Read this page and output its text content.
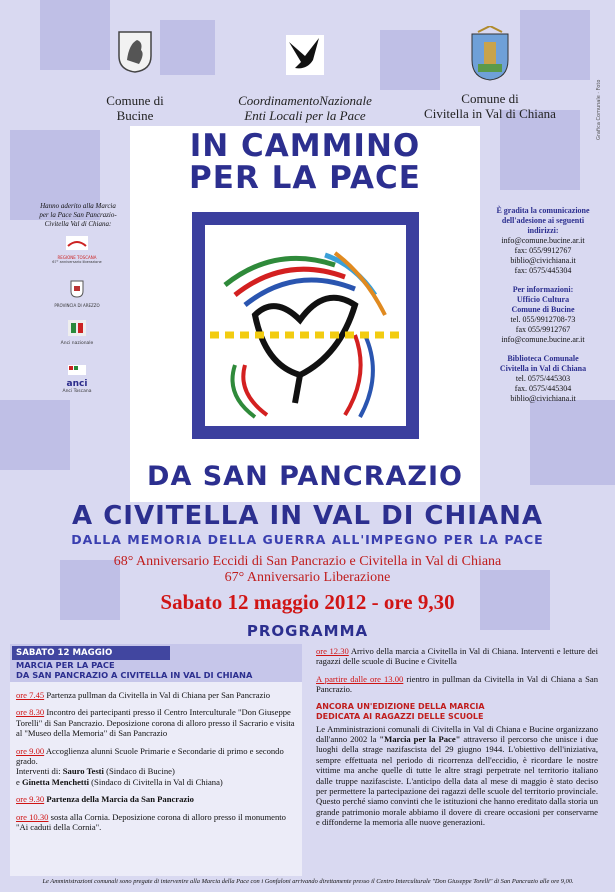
Comune di
Bucine
CoordinamentoNazionale
Enti Locali per la Pace
Comune di
Civitella in Val di Chiana	Grafica Comunale · Foto
IN CAMMINO
PER LA PACE
DA SAN PANCRAZIO
A CIVITELLA IN VAL DI CHIANA
DALLA MEMORIA DELLA GUERRA ALL'IMPEGNO PER LA PACE
68° Anniversario Eccidi di San Pancrazio e Civitella in Val di Chiana
67° Anniversario Liberazione
Sabato 12 maggio 2012 - ore 9,30
PROGRAMMA
Hanno aderito alla Marcia per la Pace San Pancrazio-Civitella Val di Chiana:
REGIONE TOSCANA
67° anniversario liberazione
PROVINCIA DI AREZZO
Anci nazionale
anci
Anci Toscana
È gradita la comunicazione
dell'adesione ai seguenti indirizzi:
info@comune.bucine.ar.it
fax: 055/9912767
biblio@civichiana.it
fax: 0575/445304
Per informazioni:
Ufficio Cultura
Comune di Bucine
tel. 055/9912708-73
fax 055/9912767
info@comune.bucine.ar.it
Biblioteca Comunale
Civitella in Val di Chiana
tel. 0575/445303
fax. 0575/445304
biblio@civichiana.it
SABATO 12 MAGGIO
MARCIA PER LA PACE
DA SAN PANCRAZIO A CIVITELLA IN VAL DI CHIANA

ore 7.45 Partenza pullman da Civitella in Val di Chiana per San Pancrazio

ore 8.30 Incontro dei partecipanti presso il Centro Interculturale "Don Giuseppe Torelli" di San Pancrazio. Deposizione corona di alloro presso il Sacrario e visita al "Museo della Memoria" di San Pancrazio

ore 9.00 Accoglienza alunni Scuole Primarie e Secondarie di primo e secondo grado.

Interventi di: Sauro Testi (Sindaco di Bucine)
e Ginetta Menchetti (Sindaco di Civitella in Val di Chiana)

ore 9.30 Partenza della Marcia da San Pancrazio

ore 10.30 sosta alla Cornia. Deposizione corona di alloro presso il monumento "Ai caduti della Cornia".

ore 12.30 Arrivo della marcia a Civitella in Val di Chiana. Interventi e letture dei ragazzi delle scuole di Bucine e Civitella

A partire dalle ore 13.00 rientro in pullman da Civitella in Val di Chiana a San Pancrazio.

ANCORA UN'EDIZIONE DELLA MARCIA
DEDICATA AI RAGAZZI DELLE SCUOLE

Le Amministrazioni comunali di Civitella in Val di Chiana e Bucine organizzano dall'anno 2002 la "Marcia per la Pace" attraverso il percorso che unisce i due luoghi della strage nazifascista del 29 giugno 1944. L'obiettivo dell'iniziativa, sempre effettuata nel periodo di ricorrenza dell'eccidio, è ricordare le nostre vittime ma anche quelle di tutte le altre stragi perpetrate nel territorio italiano dalle truppe nazifasciste. L'anticipo della data al mese di maggio è stato deciso per permettere la partecipazione dei ragazzi delle scuole del territorio provinciale. Questo perché siamo convinti che le istituzioni che hanno ereditato dalla storia un grande patrimonio morale abbiamo il dovere di creare occasioni per conservarne e diffonderne la memoria alle nuove generazioni.

Le Amministrazioni comunali sono pregate di intervenire alla Marcia della Pace con i Gonfaloni arrivando direttamente presso il Centro Interculturale "Don Giuseppe Torelli" di San Pancrazio alle ore 9,00.
